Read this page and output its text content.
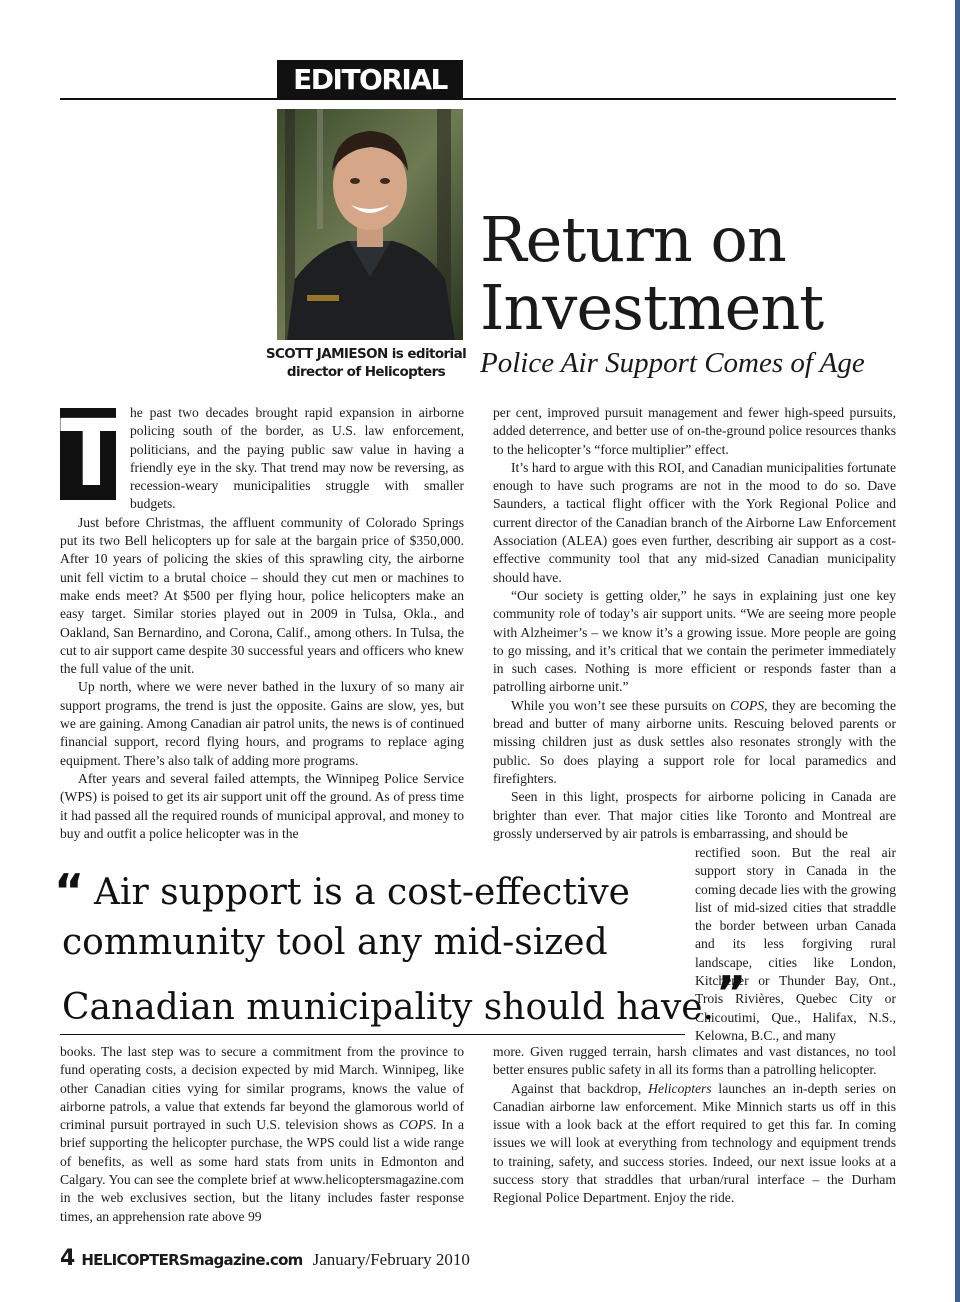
EDITORIAL
SCOTT JAMIESON is editorial director of Helicopters
Return on
Investment
Police Air Support Comes of Age
T he past two decades brought rapid expansion in airborne policing south of the border, as U.S. law enforcement, politicians, and the paying public saw value in having a friendly eye in the sky. That trend may now be reversing, as recession-weary municipalities struggle with smaller budgets.

Just before Christmas, the affluent community of Colorado Springs put its two Bell helicopters up for sale at the bargain price of $350,000. After 10 years of policing the skies of this sprawling city, the airborne unit fell victim to a brutal choice – should they cut men or machines to make ends meet? At $500 per flying hour, police helicopters make an easy target. Similar stories played out in 2009 in Tulsa, Okla., and Oakland, San Bernardino, and Corona, Calif., among others. In Tulsa, the cut to air support came despite 30 successful years and officers who knew the full value of the unit.

Up north, where we were never bathed in the luxury of so many air support programs, the trend is just the opposite. Gains are slow, yes, but we are gaining. Among Canadian air patrol units, the news is of continued financial support, record flying hours, and programs to replace aging equipment. There’s also talk of adding more programs.

After years and several failed attempts, the Winnipeg Police Service (WPS) is poised to get its air support unit off the ground. As of press time it had passed all the required rounds of municipal approval, and money to buy and outfit a police helicopter was in the

per cent, improved pursuit management and fewer high-speed pursuits, added deterrence, and better use of on-the-ground police resources thanks to the helicopter’s “force multiplier” effect.

It’s hard to argue with this ROI, and Canadian municipalities fortunate enough to have such programs are not in the mood to do so. Dave Saunders, a tactical flight officer with the York Regional Police and current director of the Canadian branch of the Airborne Law Enforcement Association (ALEA) goes even further, describing air support as a cost-effective community tool that any mid-sized Canadian municipality should have.

“Our society is getting older,” he says in explaining just one key community role of today’s air support units. “We are seeing more people with Alzheimer’s – we know it’s a growing issue. More people are going to go missing, and it’s critical that we contain the perimeter immediately in such cases. Nothing is more efficient or responds faster than a patrolling airborne unit.”

While you won’t see these pursuits on COPS, they are becoming the bread and butter of many airborne units. Rescuing beloved parents or missing children just as dusk settles also resonates strongly with the public. So does playing a support role for local paramedics and firefighters.

Seen in this light, prospects for airborne policing in Canada are brighter than ever. That major cities like Toronto and Montreal are grossly underserved by air patrols is embarrassing, and should be

rectified soon. But the real air support story in Canada in the coming decade lies with the growing list of mid-sized cities that straddle the border between urban Canada and its less forgiving rural landscape, cities like London, Kitchener or Thunder Bay, Ont., Trois Rivières, Quebec City or Chicoutimi, Que., Halifax, N.S., Kelowna, B.C., and many

“ Air support is a cost-effective
community tool any mid-sized
Canadian municipality should have.”

books. The last step was to secure a commitment from the province to fund operating costs, a decision expected by mid March. Winnipeg, like other Canadian cities vying for similar programs, knows the value of airborne patrols, a value that extends far beyond the glamorous world of criminal pursuit portrayed in such U.S. television shows as COPS. In a brief supporting the helicopter purchase, the WPS could list a wide range of benefits, as well as some hard stats from units in Edmonton and Calgary. You can see the complete brief at www.helicoptersmagazine.com in the web exclusives section, but the litany includes faster response times, an apprehension rate above 99

more. Given rugged terrain, harsh climates and vast distances, no tool better ensures public safety in all its forms than a patrolling helicopter.

Against that backdrop, Helicopters launches an in-depth series on Canadian airborne law enforcement. Mike Minnich starts us off in this issue with a look back at the effort required to get this far. In coming issues we will look at everything from technology and equipment trends to training, safety, and success stories. Indeed, our next issue looks at a success story that straddles that urban/rural interface – the Durham Regional Police Department. Enjoy the ride.

4 HELICOPTERSmagazine.com January/February 2010
